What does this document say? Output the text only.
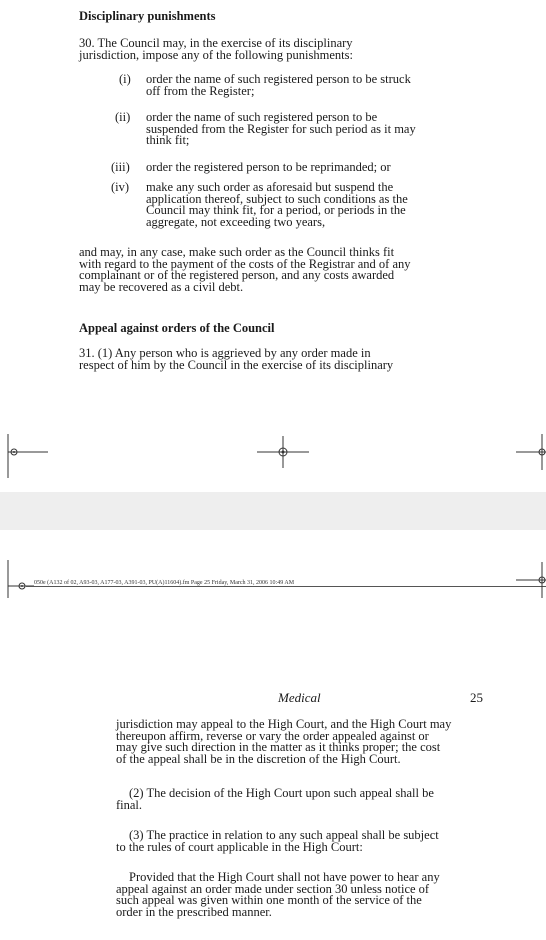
Disciplinary punishments
30. The Council may, in the exercise of its disciplinary
jurisdiction, impose any of the following punishments:
(i) order the name of such registered person to be struck
off from the Register;
(ii) order the name of such registered person to be
suspended from the Register for such period as it may
think fit;
(iii) order the registered person to be reprimanded; or
(iv) make any such order as aforesaid but suspend the
application thereof, subject to such conditions as the
Council may think fit, for a period, or periods in the
aggregate, not exceeding two years,
and may, in any case, make such order as the Council thinks fit
with regard to the payment of the costs of the Registrar and of any
complainant or of the registered person, and any costs awarded
may be recovered as a civil debt.
Appeal against orders of the Council
31. (1) Any person who is aggrieved by any order made in
respect of him by the Council in the exercise of its disciplinary
050e (A132 of 02, A93-03, A177-03, A391-03, PU(A)11604).fm Page 25 Friday, March 31, 2006 10:49 AM
Medical	25
jurisdiction may appeal to the High Court, and the High Court may
thereupon affirm, reverse or vary the order appealed against or
may give such direction in the matter as it thinks proper; the cost
of the appeal shall be in the discretion of the High Court.
(2) The decision of the High Court upon such appeal shall be
final.
(3) The practice in relation to any such appeal shall be subject
to the rules of court applicable in the High Court:
Provided that the High Court shall not have power to hear any
appeal against an order made under section 30 unless notice of
such appeal was given within one month of the service of the
order in the prescribed manner.
